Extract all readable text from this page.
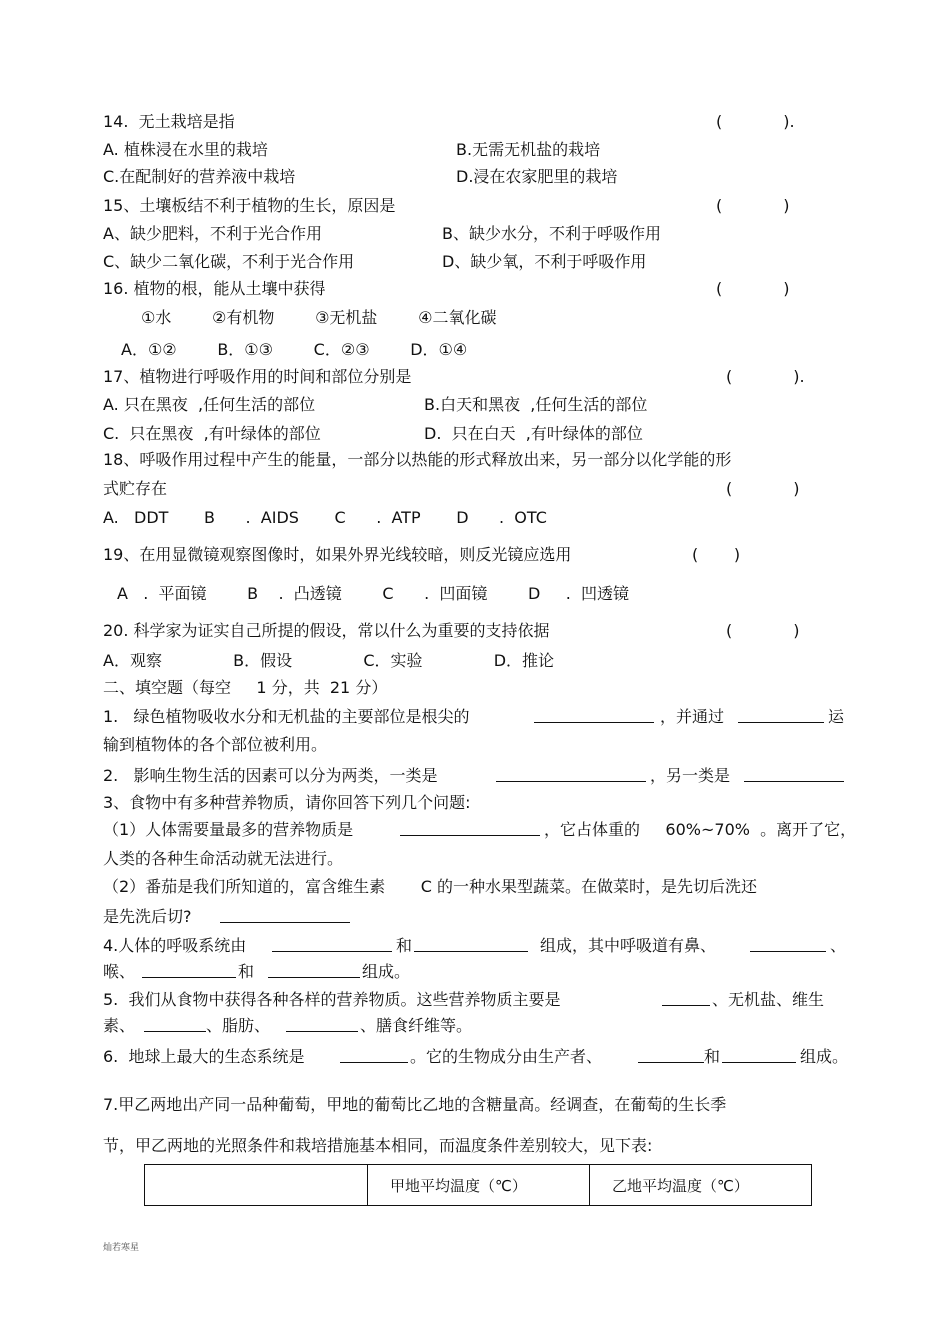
14.  无土栽培是指	(            ).
A. 植株浸在水里的栽培	B.无需无机盐的栽培
C.在配制好的营养液中栽培	D.浸在农家肥里的栽培
15、土壤板结不利于植物的生长，原因是	(            )
A、缺少肥料，不利于光合作用	B、缺少水分，不利于呼吸作用
C、缺少二氧化碳，不利于光合作用	D、缺少氧，不利于呼吸作用
16. 植物的根，能从土壤中获得	(            )
①水        ②有机物        ③无机盐        ④二氧化碳
A．①②        B．①③        C．②③        D．①④
17、植物进行呼吸作用的时间和部位分别是	(            ).
A. 只在黑夜  ,任何生活的部位	B.白天和黑夜  ,任何生活的部位
C.  只在黑夜  ,有叶绿体的部位	D.  只在白天  ,有叶绿体的部位
18、呼吸作用过程中产生的能量，一部分以热能的形式释放出来，另一部分以化学能的形
式贮存在	(            )
A.   DDT       B      .  AIDS       C      .  ATP       D      .  OTC
19、在用显微镜观察图像时，如果外界光线较暗，则反光镜应选用	(       )
A   .  平面镜        B    .  凸透镜        C      .  凹面镜        D     .  凹透镜
20. 科学家为证实自己所提的假设，常以什么为重要的支持依据	(            )
A．观察              B．假设              C．实验              D．推论
二、填空题（每空     1 分，共  21 分）
1.   绿色植物吸收水分和无机盐的主要部位是根尖的	，并通过	运
输到植物体的各个部位被利用。
2.   影响生物生活的因素可以分为两类，一类是	，另一类是
3、食物中有多种营养物质，请你回答下列几个问题:
（1）人体需要量最多的营养物质是	，它占体重的     60%~70%  。离开了它，
人类的各种生命活动就无法进行。
（2）番茄是我们所知道的，富含维生素       C 的一种水果型蔬菜。在做菜时，是先切后洗还
是先洗后切?
4.人体的呼吸系统由	和	组成，其中呼吸道有鼻、	、
喉、	和	组成。
5.  我们从食物中获得各种各样的营养物质。这些营养物质主要是	、无机盐、维生
素、	、脂肪、	、膳食纤维等。
6.  地球上最大的生态系统是	。它的生物成分由生产者、	和	组成。
7.甲乙两地出产同一品种葡萄，甲地的葡萄比乙地的含糖量高。经调查，在葡萄的生长季
节，甲乙两地的光照条件和栽培措施基本相同，而温度条件差别较大，见下表:
	甲地平均温度（℃）	乙地平均温度（℃）
灿若寒星
